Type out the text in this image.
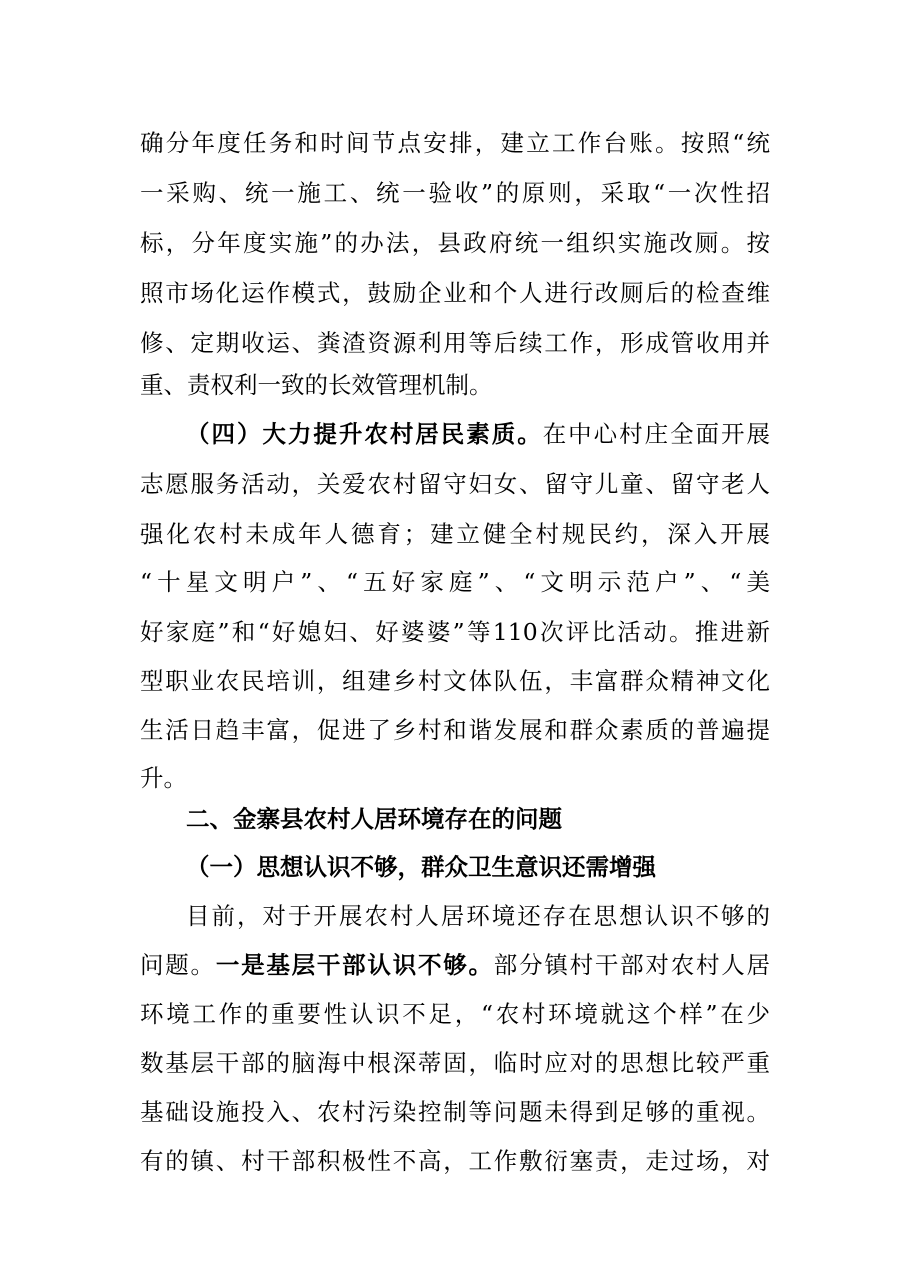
确分年度任务和时间节点安排，建立工作台账。按照“统
一采购、统一施工、统一验收”的原则，采取“一次性招
标，分年度实施”的办法，县政府统一组织实施改厕。按
照市场化运作模式，鼓励企业和个人进行改厕后的检查维
修、定期收运、粪渣资源利用等后续工作，形成管收用并
重、责权利一致的长效管理机制。
（四）大力提升农村居民素质。在中心村庄全面开展
志愿服务活动，关爱农村留守妇女、留守儿童、留守老人
强化农村未成年人德育；建立健全村规民约，深入开展
“十星文明户”、“五好家庭”、“文明示范户”、“美
好家庭”和“好媳妇、好婆婆”等110次评比活动。推进新
型职业农民培训，组建乡村文体队伍，丰富群众精神文化
生活日趋丰富，促进了乡村和谐发展和群众素质的普遍提
升。
二、金寨县农村人居环境存在的问题
（一）思想认识不够，群众卫生意识还需增强
目前，对于开展农村人居环境还存在思想认识不够的
问题。一是基层干部认识不够。部分镇村干部对农村人居
环境工作的重要性认识不足，“农村环境就这个样”在少
数基层干部的脑海中根深蒂固，临时应对的思想比较严重
基础设施投入、农村污染控制等问题未得到足够的重视。
有的镇、村干部积极性不高，工作敷衍塞责，走过场，对
